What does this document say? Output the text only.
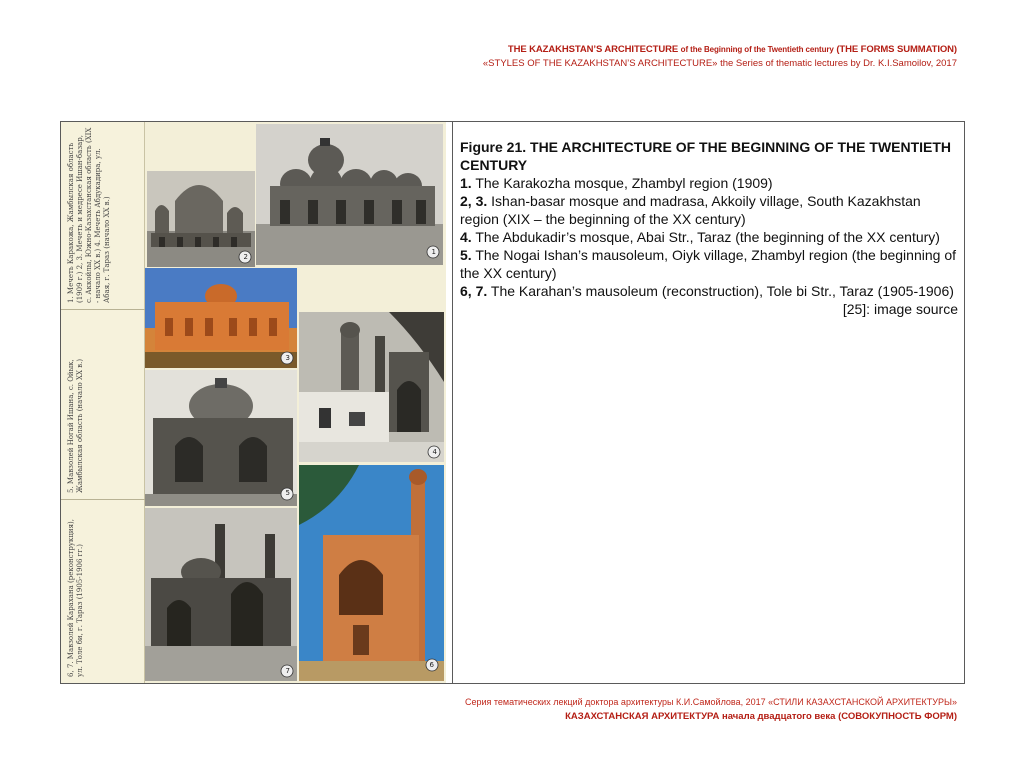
THE KAZAKHSTAN’S ARCHITECTURE of the Beginning of the Twentieth century (THE FORMS SUMMATION)
«STYLES OF THE KAZAKHSTAN’S ARCHITECTURE» the Series of thematic lectures by Dr. K.I.Samoilov, 2017
1. Мечеть Каракожа, Жамбылская область (1909 г.) 2, 3. Мечеть и медресе Ишан-базар, с. Аккойлы, Южно-Казахстанская область (XIX - начало XX в.) 4. Мечеть Абдукадира, ул. Абая, г. Тараз (начало XX в.)
5. Мавзолей Ногай Ишана, с. Ойык, Жамбылская область (начало XX в.)
6, 7. Мавзолей Карахана (реконструкция), ул. Толе би, г. Тараз (1905-1906 гг.)
2
1
3
4
5
7
6
Figure 21. THE ARCHITECTURE OF THE BEGINNING OF THE TWENTIETH CENTURY
1. The Karakozha mosque, Zhambyl region (1909)
2, 3. Ishan-basar mosque and madrasa, Akkoily village, South Kazakhstan region (XIX – the beginning of the XX century)
4. The Abdukadir’s mosque, Abai Str., Taraz (the beginning of the XX century)
5. The Nogai Ishan’s mausoleum, Oiyk village, Zhambyl region (the beginning of the XX century)
6, 7. The Karahan’s mausoleum (reconstruction), Tole bi Str., Taraz (1905-1906)
[25]: image source
Серия тематических лекций доктора архитектуры К.И.Самойлова, 2017 «СТИЛИ КАЗАХСТАНСКОЙ АРХИТЕКТУРЫ»
КАЗАХСТАНСКАЯ АРХИТЕКТУРА начала двадцатого века (СОВОКУПНОСТЬ ФОРМ)
